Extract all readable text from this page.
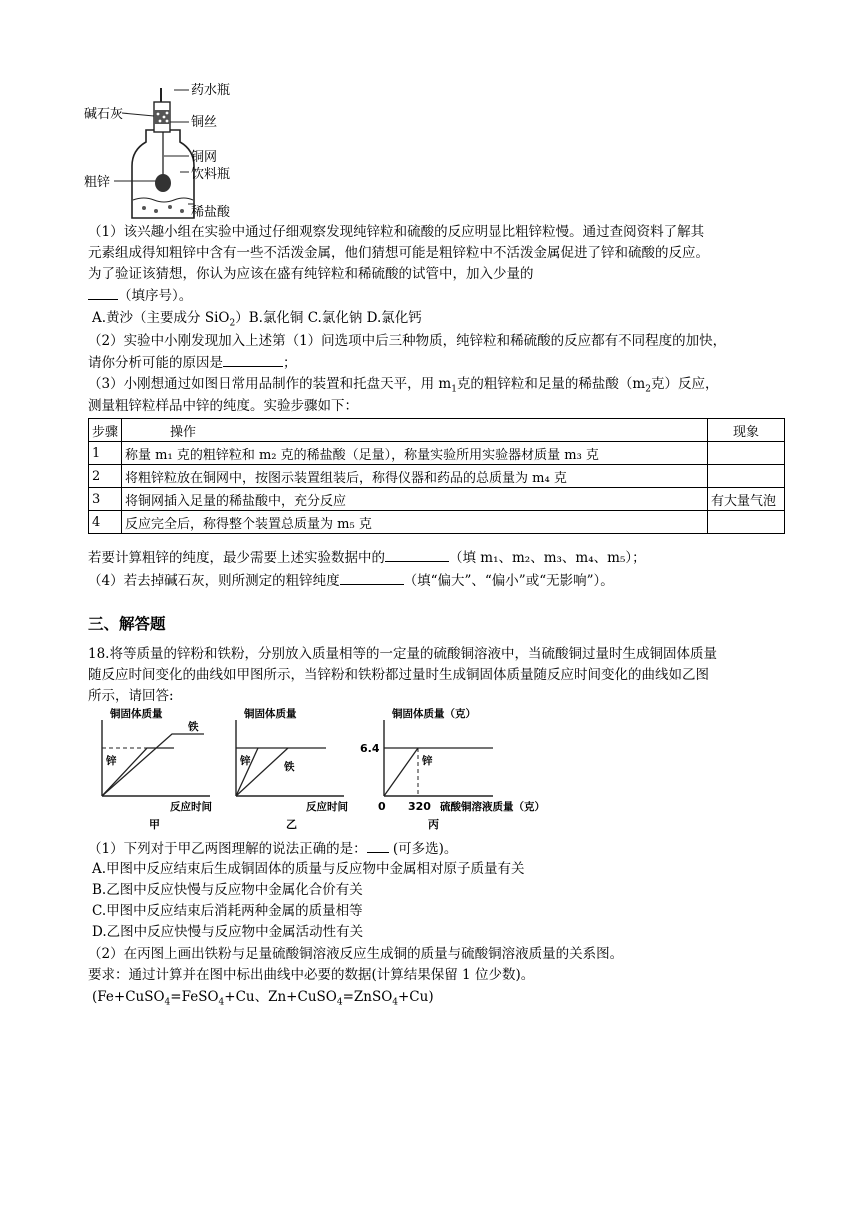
药水瓶
碱石灰
铜丝
铜网
粗锌
饮料瓶
稀盐酸
（1）该兴趣小组在实验中通过仔细观察发现纯锌粒和硫酸的反应明显比粗锌粒慢。通过查阅资料了解其
元素组成得知粗锌中含有一些不活泼金属，他们猜想可能是粗锌粒中不活泼金属促进了锌和硫酸的反应。
为了验证该猜想，你认为应该在盛有纯锌粒和稀硫酸的试管中，加入少量的
（填序号）。
A.黄沙（主要成分 SiO$_2$）B.氯化铜 C.氯化钠 D.氯化钙
（2）实验中小刚发现加入上述第（1）问选项中后三种物质，纯锌粒和稀硫酸的反应都有不同程度的加快，
请你分析可能的原因是	；
（3）小刚想通过如图日常用品制作的装置和托盘天平，用 $m_1$克的粗锌粒和足量的稀盐酸（$m_2$克）反应，
测量粗锌粒样品中锌的纯度。实验步骤如下：
步骤	操作	现象
1	称量 m₁ 克的粗锌粒和 m₂ 克的稀盐酸（足量），称量实验所用实验器材质量 m₃ 克	
2	将粗锌粒放在铜网中，按图示装置组装后，称得仪器和药品的总质量为 m₄ 克	
3	将铜网插入足量的稀盐酸中，充分反应	有大量气泡
4	反应完全后，称得整个装置总质量为 m₅ 克	
若要计算粗锌的纯度，最少需要上述实验数据中的	（填 m₁、m₂、m₃、m₄、m₅）；
（4）若去掉碱石灰，则所测定的粗锌纯度	（填“偏大”、“偏小”或“无影响”）。
三、解答题
18.将等质量的锌粉和铁粉，分别放入质量相等的一定量的硫酸铜溶液中，当硫酸铜过量时生成铜固体质量
随反应时间变化的曲线如甲图所示，当锌粉和铁粉都过量时生成铜固体质量随反应时间变化的曲线如乙图
所示，请回答:
铜固体质量
铁
锌
反应时间
甲
铜固体质量
锌	铁
反应时间
乙
铜固体质量（克）
6.4
锌
0 320 硫酸铜溶液质量（克）
丙
（1）下列对于甲乙两图理解的说法正确的是： (可多选)。
A.甲图中反应结束后生成铜固体的质量与反应物中金属相对原子质量有关
B.乙图中反应快慢与反应物中金属化合价有关
C.甲图中反应结束后消耗两种金属的质量相等
D.乙图中反应快慢与反应物中金属活动性有关
（2）在丙图上画出铁粉与足量硫酸铜溶液反应生成铜的质量与硫酸铜溶液质量的关系图。
要求：通过计算并在图中标出曲线中必要的数据(计算结果保留 1 位少数)。
(Fe+CuSO$_4$=FeSO$_4$+Cu、Zn+CuSO$_4$=ZnSO$_4$+Cu)
